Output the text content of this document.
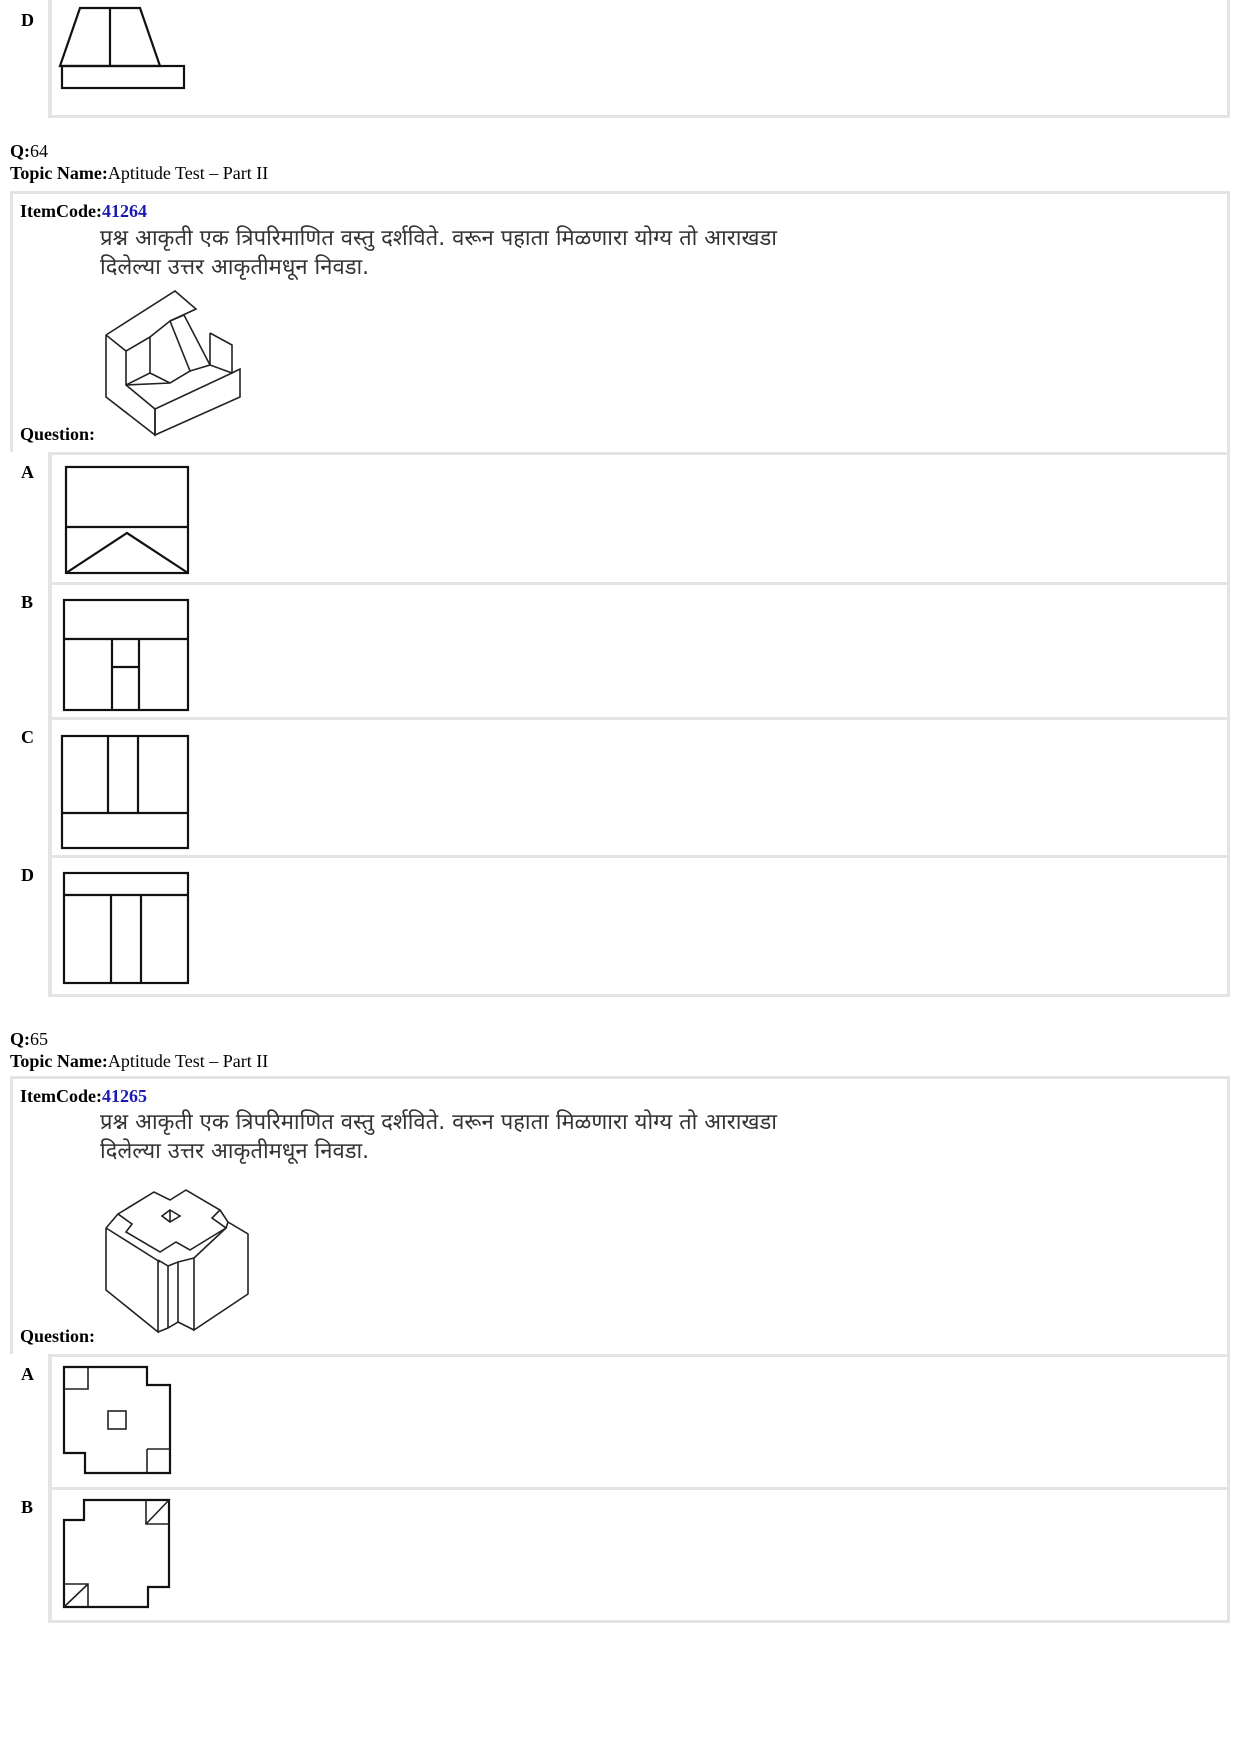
D
Q:64
Topic Name:Aptitude Test – Part II
ItemCode:41264
प्रश्न आकृती एक त्रिपरिमाणित वस्तु दर्शविते. वरून पहाता मिळणारा योग्य तो आराखडा
दिलेल्या उत्तर आकृतीमधून निवडा.
Question:
A
B
C
D
Q:65
Topic Name:Aptitude Test – Part II
ItemCode:41265
प्रश्न आकृती एक त्रिपरिमाणित वस्तु दर्शविते. वरून पहाता मिळणारा योग्य तो आराखडा
दिलेल्या उत्तर आकृतीमधून निवडा.
Question:
A
B
